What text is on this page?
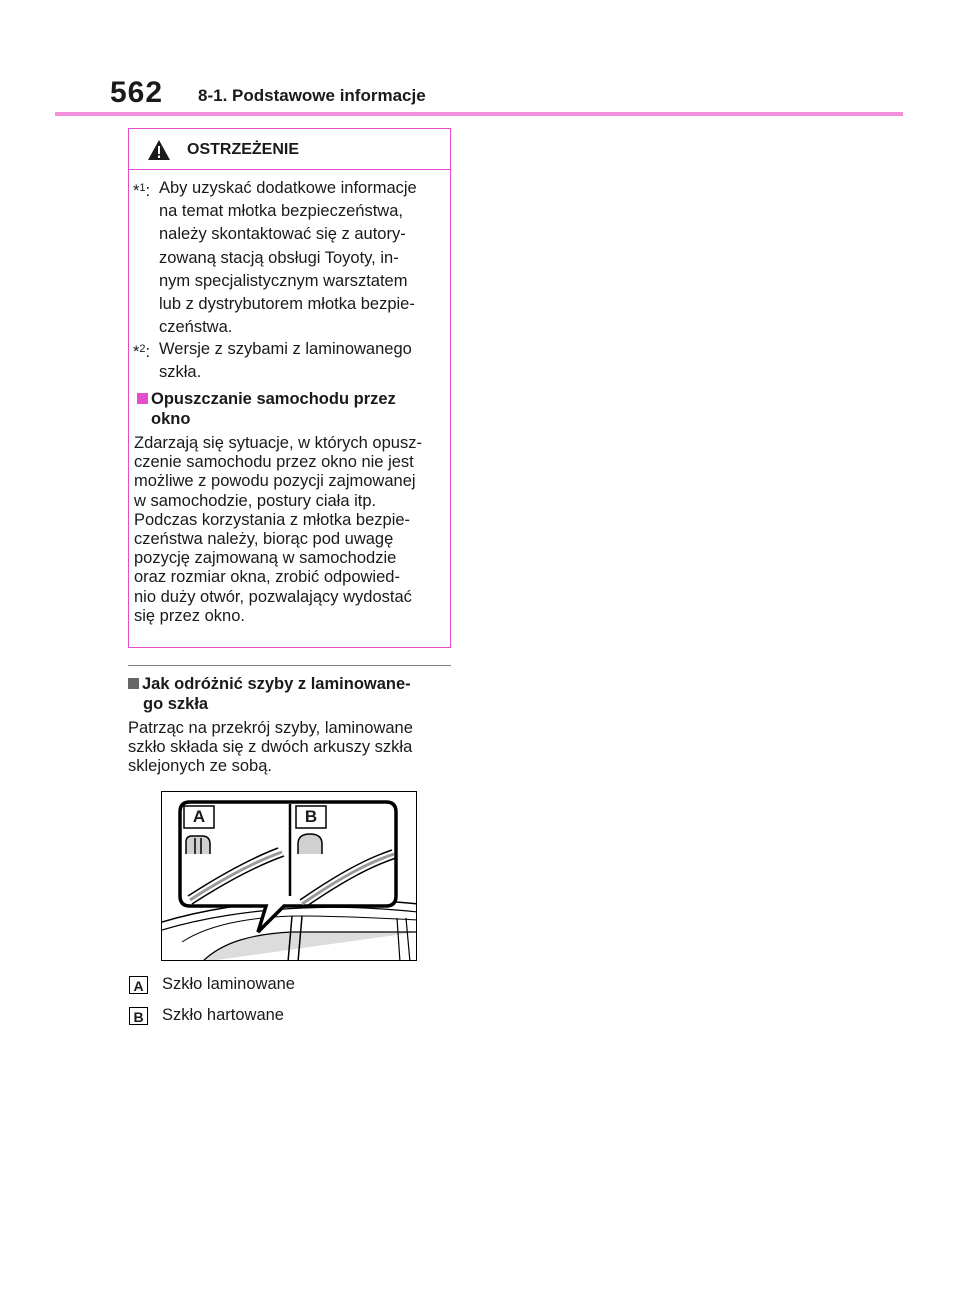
562 8-1. Podstawowe informacje
OSTRZEŻENIE
*$^1$: Aby uzyskać dodatkowe informacje
na temat młotka bezpieczeństwa,
należy skontaktować się z autory-
zowaną stacją obsługi Toyoty, in-
nym specjalistycznym warsztatem
lub z dystrybutorem młotka bezpie-
czeństwa.
*$^2$: Wersje z szybami z laminowanego
szkła.
Opuszczanie samochodu przez
okno
Zdarzają się sytuacje, w których opusz-
czenie samochodu przez okno nie jest
możliwe z powodu pozycji zajmowanej
w samochodzie, postury ciała itp.
Podczas korzystania z młotka bezpie-
czeństwa należy, biorąc pod uwagę
pozycję zajmowaną w samochodzie
oraz rozmiar okna, zrobić odpowied-
nio duży otwór, pozwalający wydostać
się przez okno.
Jak odróżnić szyby z laminowane-
go szkła
Patrząc na przekrój szyby, laminowane
szkło składa się z dwóch arkuszy szkła
sklejonych ze sobą.
A	B
A Szkło laminowane
B Szkło hartowane
